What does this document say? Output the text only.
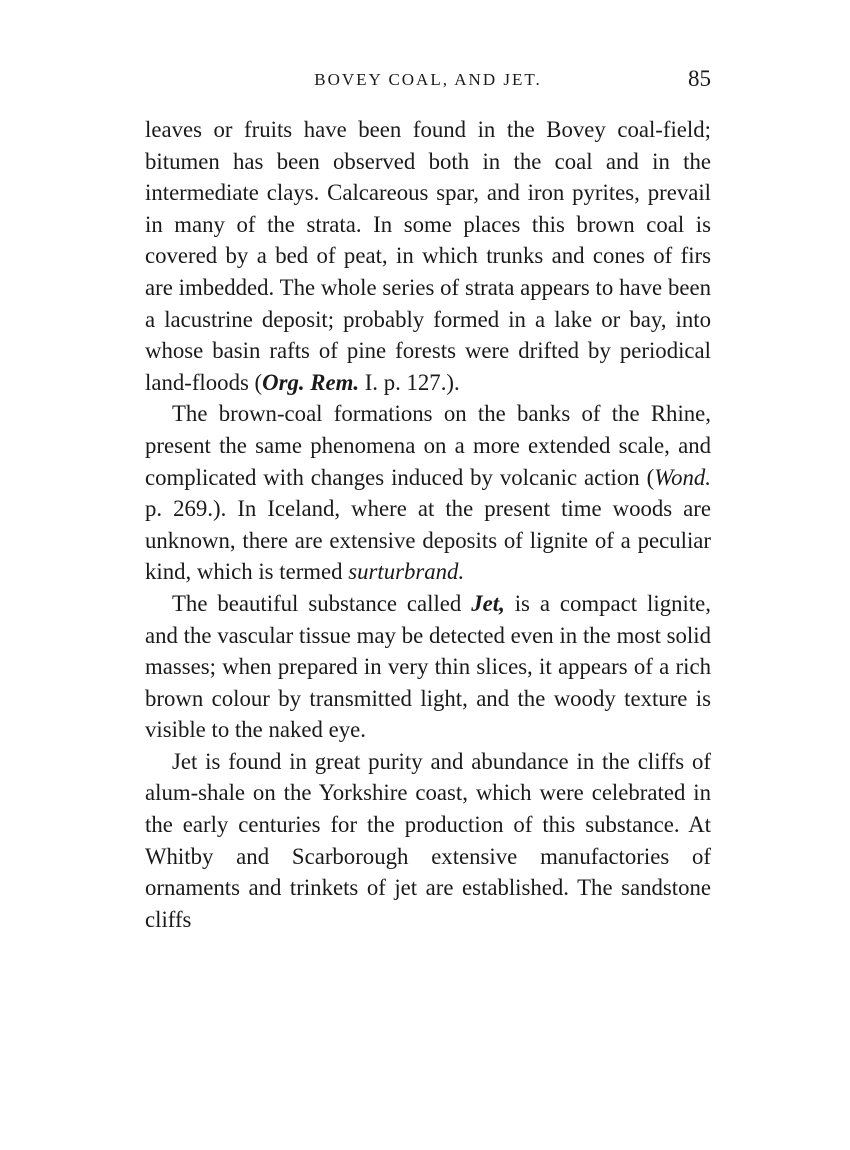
BOVEY COAL, AND JET.	85

leaves or fruits have been found in the Bovey coal-field; bitumen has been observed both in the coal and in the intermediate clays. Calcareous spar, and iron pyrites, prevail in many of the strata. In some places this brown coal is covered by a bed of peat, in which trunks and cones of firs are imbedded. The whole series of strata appears to have been a lacustrine deposit; probably formed in a lake or bay, into whose basin rafts of pine forests were drifted by periodical land-floods (Org. Rem. I. p. 127.).

The brown-coal formations on the banks of the Rhine, present the same phenomena on a more extended scale, and complicated with changes induced by volcanic action (Wond. p. 269.). In Iceland, where at the present time woods are unknown, there are extensive deposits of lignite of a peculiar kind, which is termed surturbrand.

The beautiful substance called Jet, is a compact lignite, and the vascular tissue may be detected even in the most solid masses; when prepared in very thin slices, it appears of a rich brown colour by transmitted light, and the woody texture is visible to the naked eye.

Jet is found in great purity and abundance in the cliffs of alum-shale on the Yorkshire coast, which were celebrated in the early centuries for the production of this substance. At Whitby and Scarborough extensive manufactories of ornaments and trinkets of jet are established. The sandstone cliffs
